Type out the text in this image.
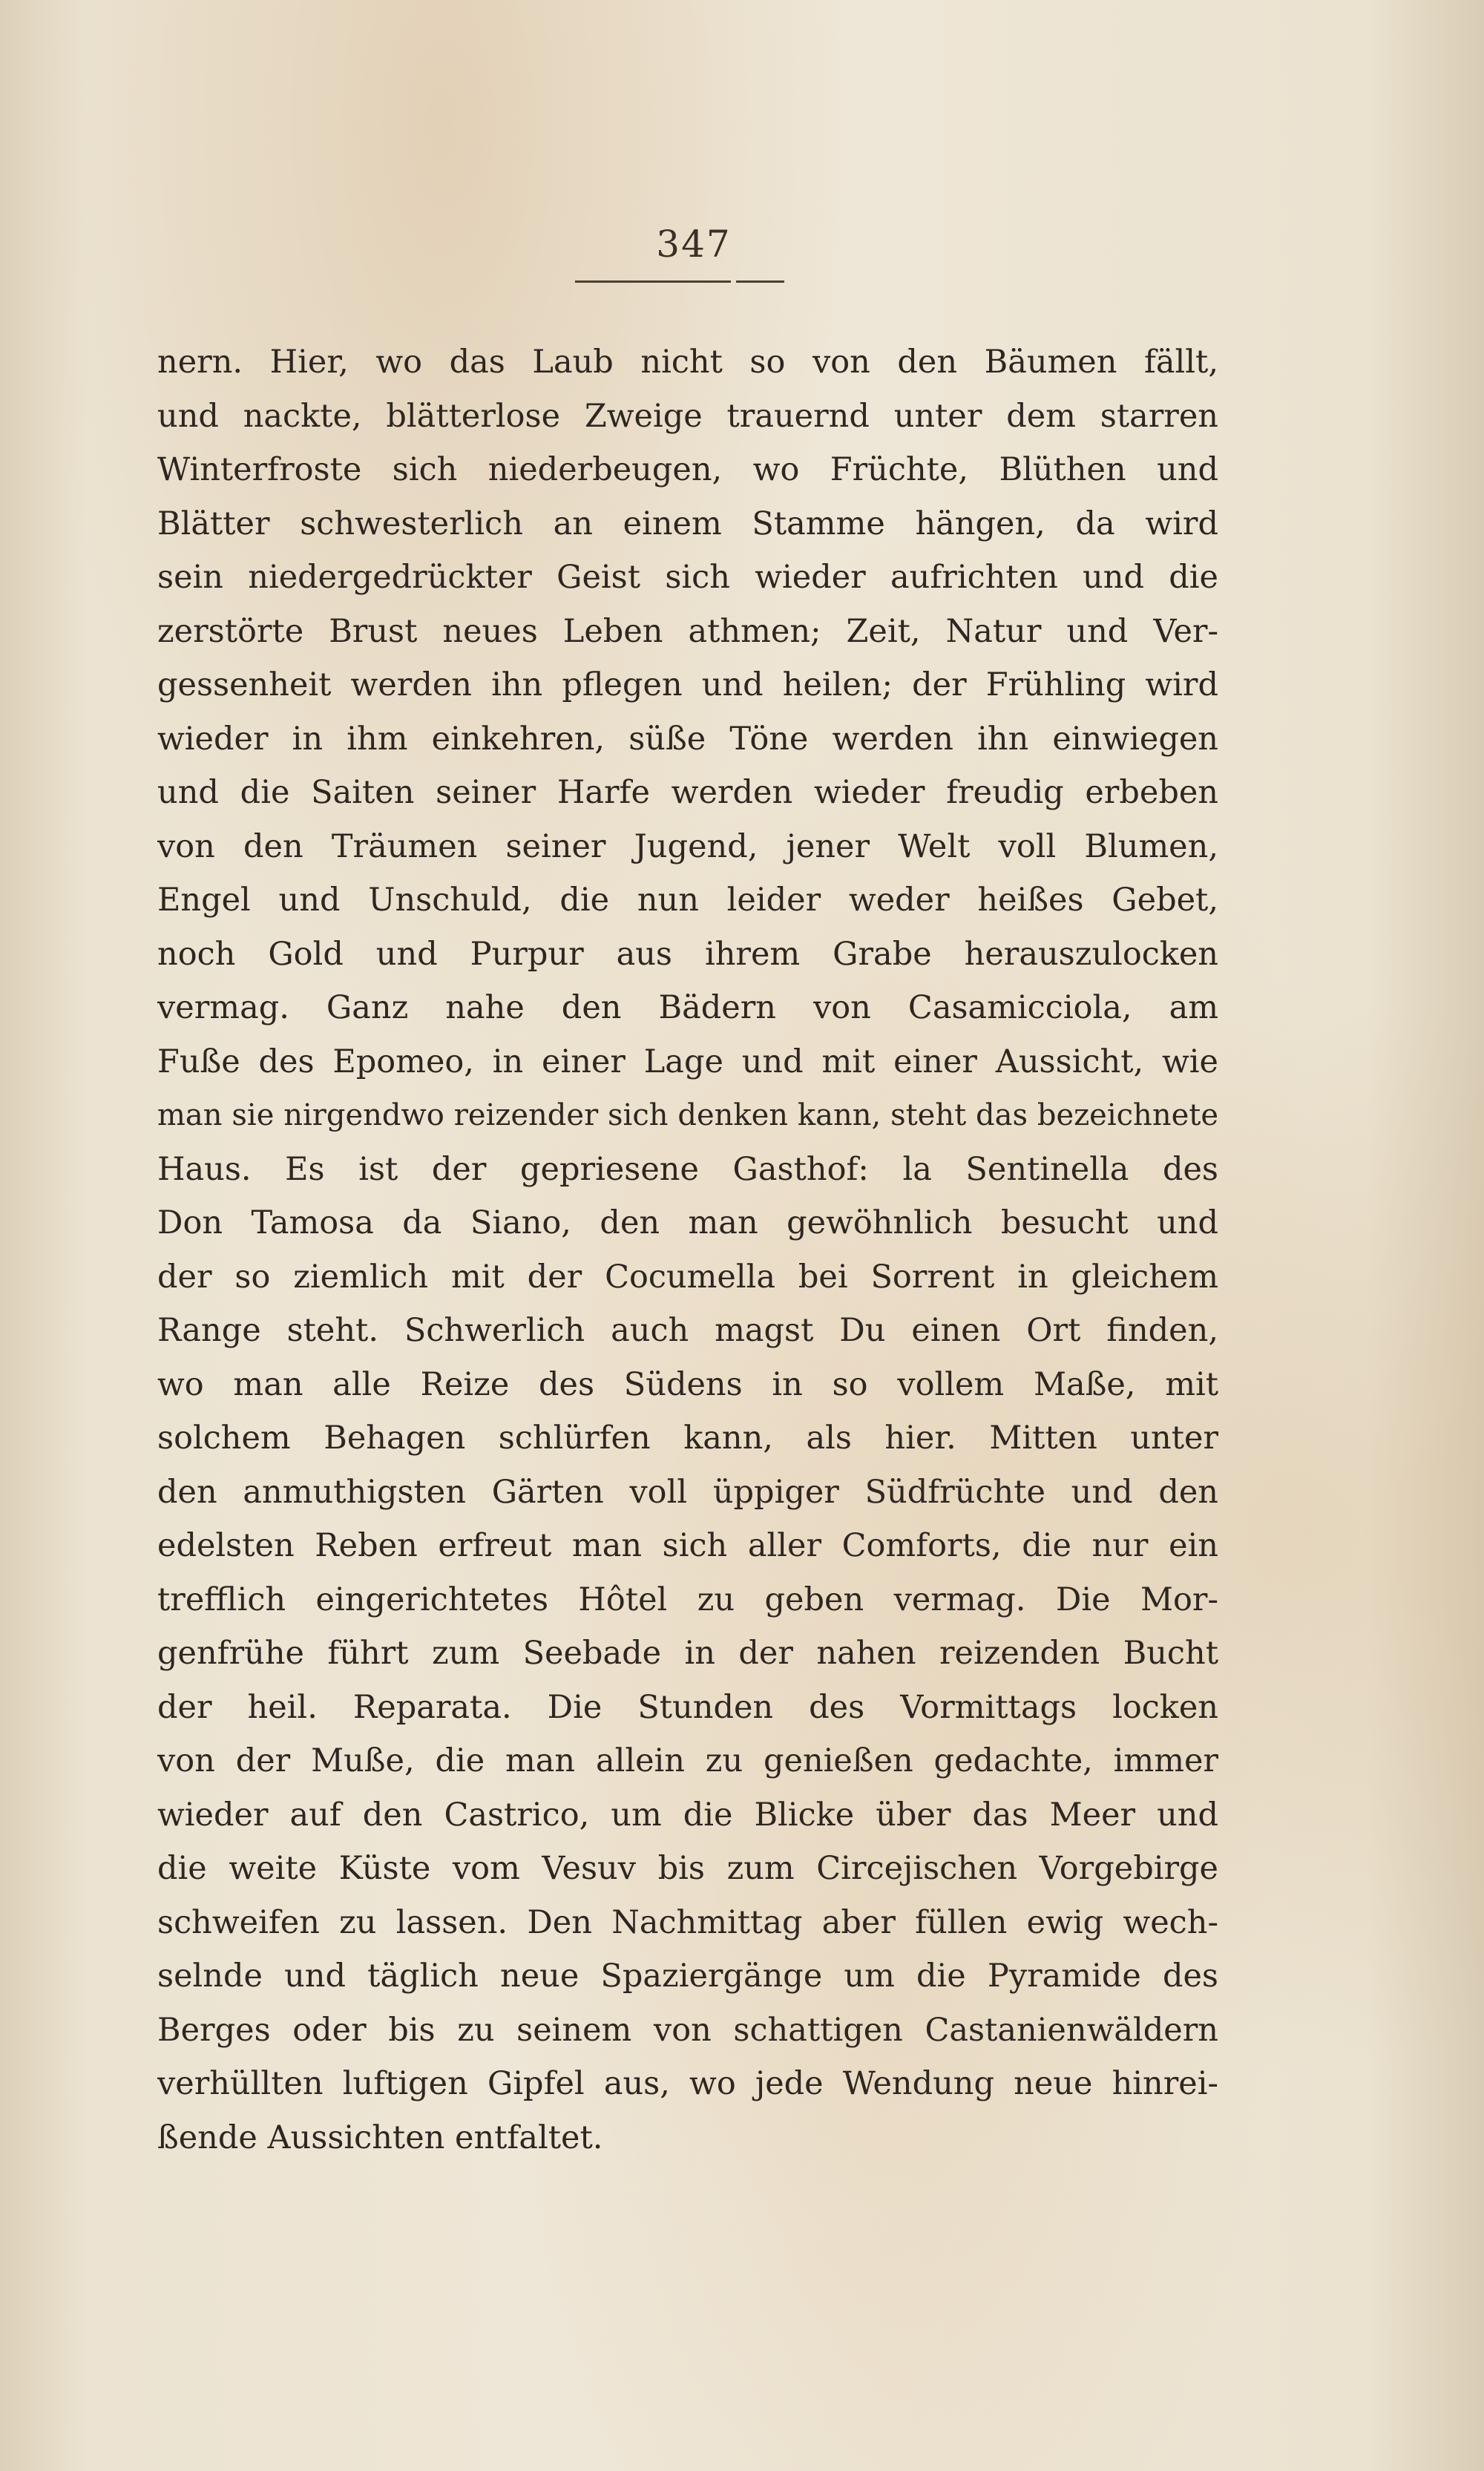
347
nern. Hier, wo das Laub nicht so von den Bäumen fällt,
und nackte, blätterlose Zweige trauernd unter dem starren
Winterfroste sich niederbeugen, wo Früchte, Blüthen und
Blätter schwesterlich an einem Stamme hängen, da wird
sein niedergedrückter Geist sich wieder aufrichten und die
zerstörte Brust neues Leben athmen; Zeit, Natur und Ver-
gessenheit werden ihn pflegen und heilen; der Frühling wird
wieder in ihm einkehren, süße Töne werden ihn einwiegen
und die Saiten seiner Harfe werden wieder freudig erbeben
von den Träumen seiner Jugend, jener Welt voll Blumen,
Engel und Unschuld, die nun leider weder heißes Gebet,
noch Gold und Purpur aus ihrem Grabe herauszulocken
vermag. Ganz nahe den Bädern von Casamicciola, am
Fuße des Epomeo, in einer Lage und mit einer Aussicht, wie
man sie nirgendwo reizender sich denken kann, steht das bezeichnete
Haus. Es ist der gepriesene Gasthof: la Sentinella des
Don Tamosa da Siano, den man gewöhnlich besucht und
der so ziemlich mit der Cocumella bei Sorrent in gleichem
Range steht. Schwerlich auch magst Du einen Ort finden,
wo man alle Reize des Südens in so vollem Maße, mit
solchem Behagen schlürfen kann, als hier. Mitten unter
den anmuthigsten Gärten voll üppiger Südfrüchte und den
edelsten Reben erfreut man sich aller Comforts, die nur ein
trefflich eingerichtetes Hôtel zu geben vermag. Die Mor-
genfrühe führt zum Seebade in der nahen reizenden Bucht
der heil. Reparata. Die Stunden des Vormittags locken
von der Muße, die man allein zu genießen gedachte, immer
wieder auf den Castrico, um die Blicke über das Meer und
die weite Küste vom Vesuv bis zum Circejischen Vorgebirge
schweifen zu lassen. Den Nachmittag aber füllen ewig wech-
selnde und täglich neue Spaziergänge um die Pyramide des
Berges oder bis zu seinem von schattigen Castanienwäldern
verhüllten luftigen Gipfel aus, wo jede Wendung neue hinrei-
ßende Aussichten entfaltet.
